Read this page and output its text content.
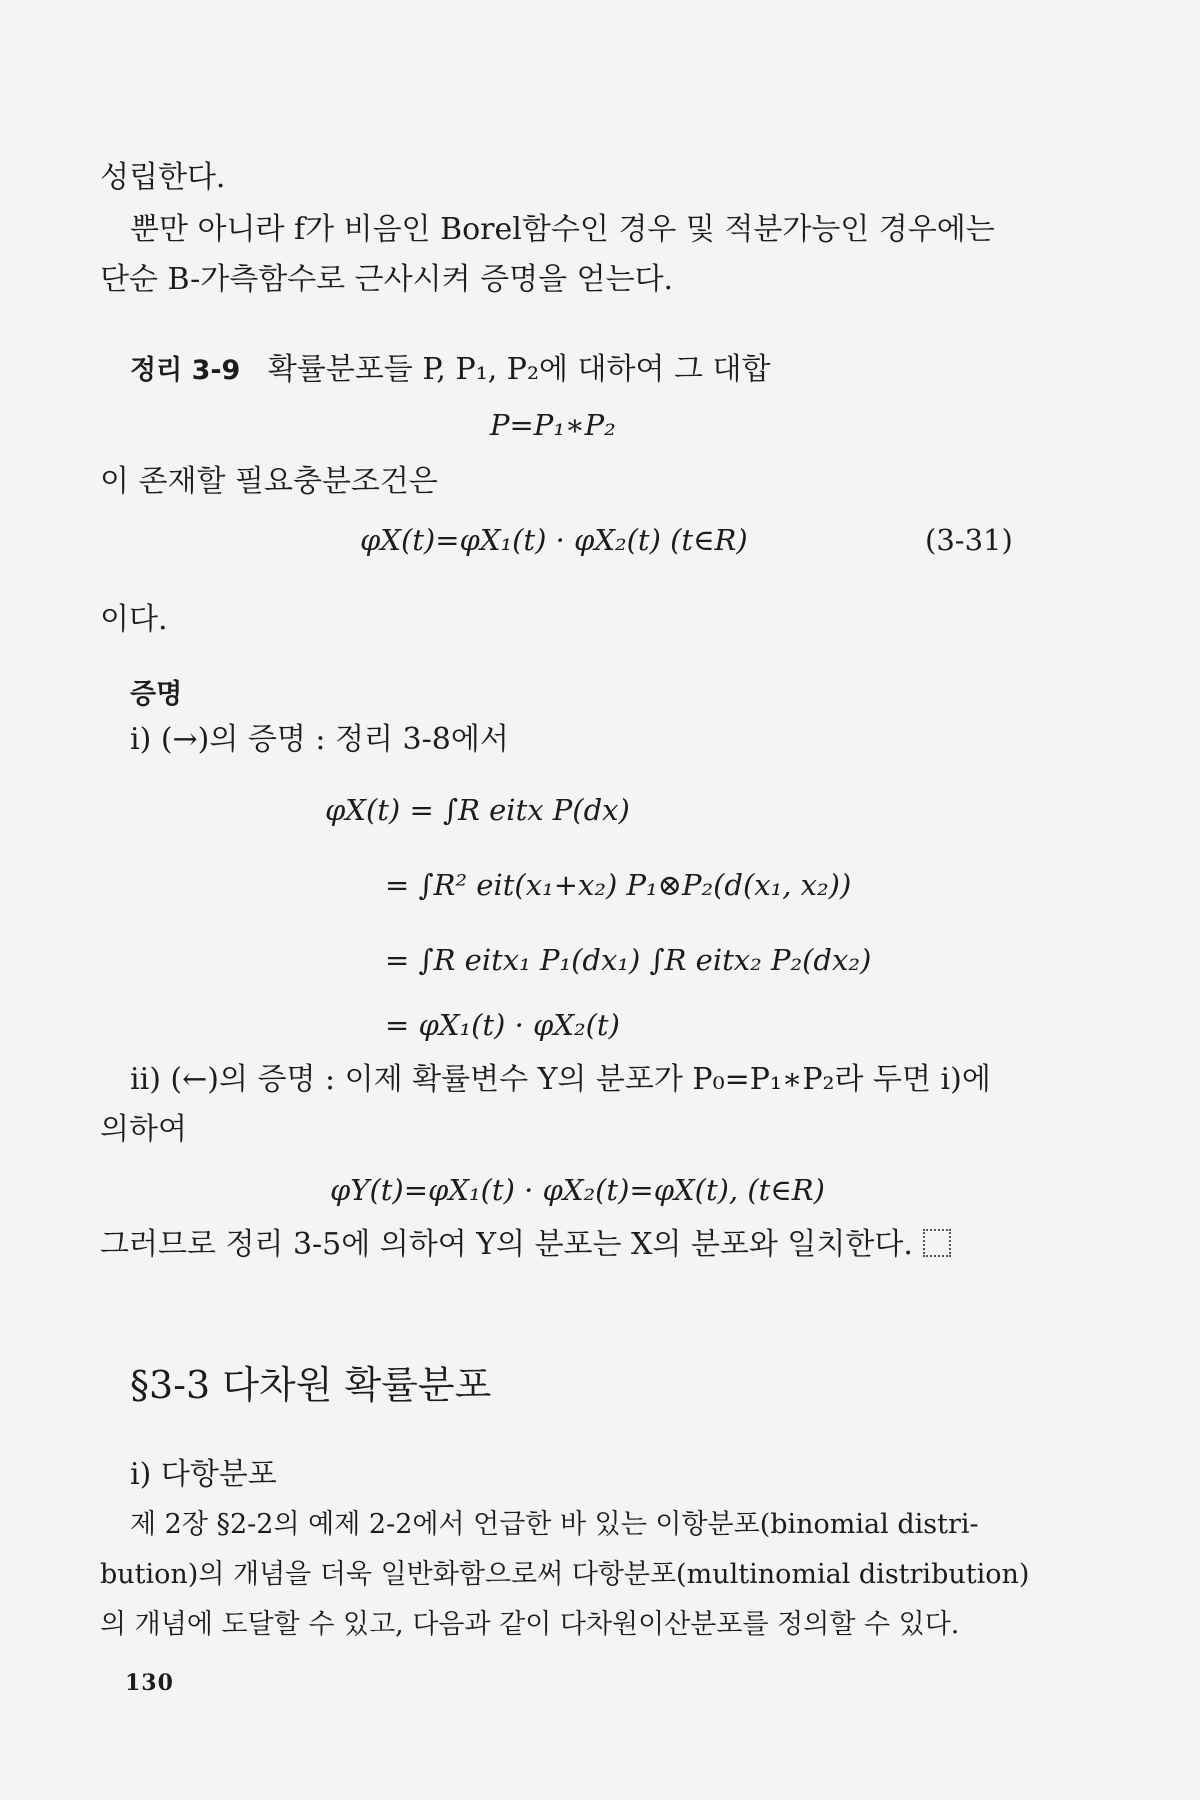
성립한다.
뿐만 아니라 f가 비음인 Borel함수인 경우 및 적분가능인 경우에는
단순 B-가측함수로 근사시켜 증명을 얻는다.
정리 3-9 확률분포들 P, P₁, P₂에 대하여 그 대합
P=P₁∗P₂
이 존재할 필요충분조건은
φX(t)=φX₁(t) · φX₂(t) (t∈R)	(3-31)
이다.
증명
i) (→)의 증명 : 정리 3-8에서
φX(t) = ∫R eitx P(dx)
= ∫R² eit(x₁+x₂) P₁⊗P₂(d(x₁, x₂))
= ∫R eitx₁ P₁(dx₁) ∫R eitx₂ P₂(dx₂)
= φX₁(t) · φX₂(t)
ii) (←)의 증명 : 이제 확률변수 Y의 분포가 P₀=P₁∗P₂라 두면 i)에
의하여
φY(t)=φX₁(t) · φX₂(t)=φX(t), (t∈R)
그러므로 정리 3-5에 의하여 Y의 분포는 X의 분포와 일치한다.
§3-3 다차원 확률분포
i) 다항분포
제 2장 §2-2의 예제 2-2에서 언급한 바 있는 이항분포(binomial distri-
bution)의 개념을 더욱 일반화함으로써 다항분포(multinomial distribution)
의 개념에 도달할 수 있고, 다음과 같이 다차원이산분포를 정의할 수 있다.
130
